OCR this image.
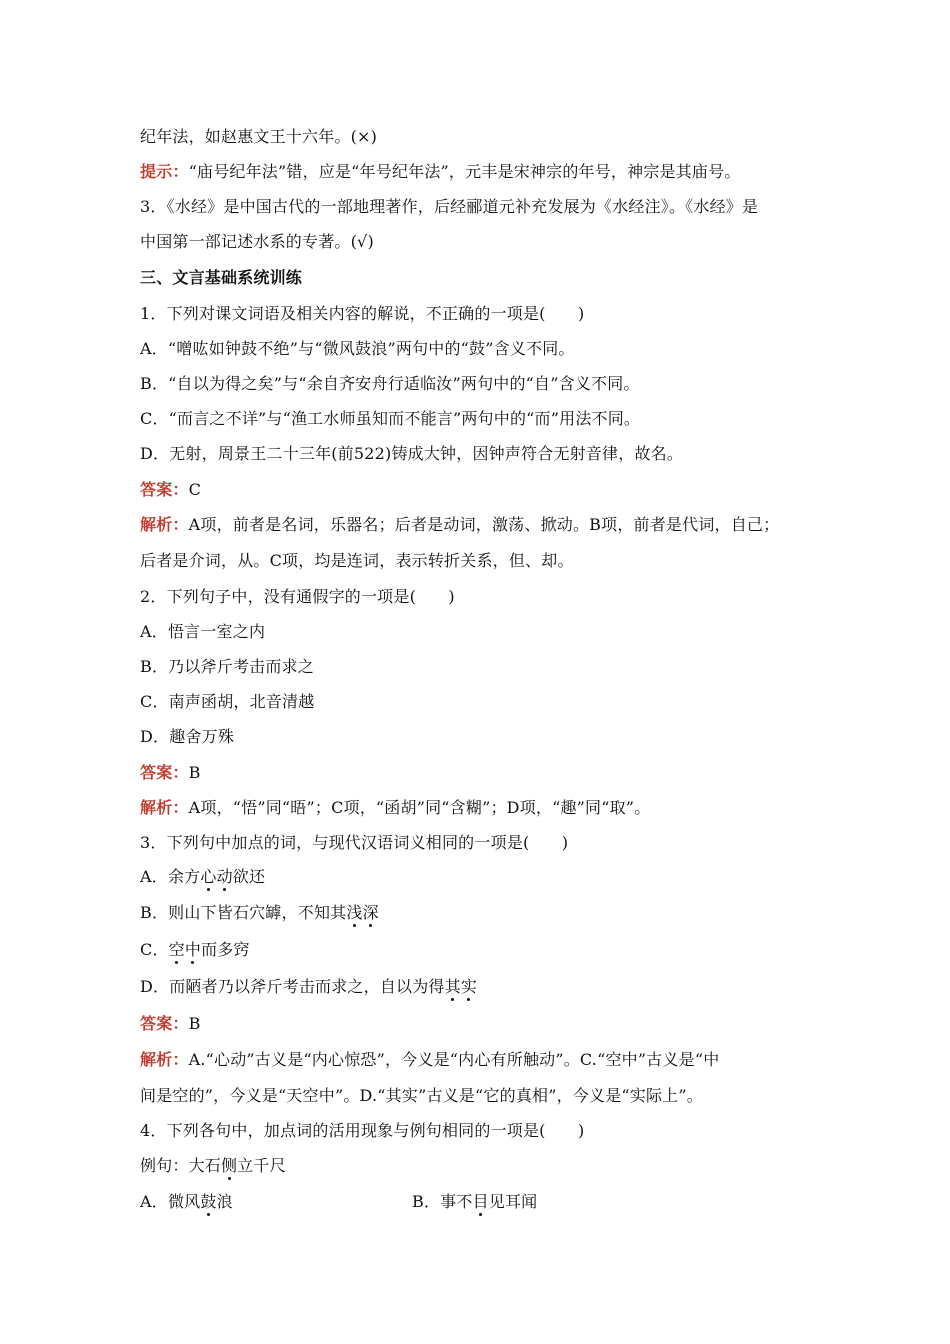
纪年法，如赵惠文王十六年。(×)
提示：“庙号纪年法”错，应是“年号纪年法”，元丰是宋神宗的年号，神宗是其庙号。
3．《水经》是中国古代的一部地理著作，后经郦道元补充发展为《水经注》。《水经》是
中国第一部记述水系的专著。(√)
三、文言基础系统训练
1．下列对课文词语及相关内容的解说，不正确的一项是(　　)
A．“噌吰如钟鼓不绝”与“微风鼓浪”两句中的“鼓”含义不同。
B．“自以为得之矣”与“余自齐安舟行适临汝”两句中的“自”含义不同。
C．“而言之不详”与“渔工水师虽知而不能言”两句中的“而”用法不同。
D．无射，周景王二十三年(前522)铸成大钟，因钟声符合无射音律，故名。
答案：C
解析：A项，前者是名词，乐器名；后者是动词，激荡、掀动。B项，前者是代词，自己；
后者是介词，从。C项，均是连词，表示转折关系，但、却。
2．下列句子中，没有通假字的一项是(　　)
A．悟言一室之内
B．乃以斧斤考击而求之
C．南声函胡，北音清越
D．趣舍万殊
答案：B
解析：A项，“悟”同“晤”；C项，“函胡”同“含糊”；D项，“趣”同“取”。
3．下列句中加点的词，与现代汉语词义相同的一项是(　　)
A．余方心动欲还
B．则山下皆石穴罅，不知其浅深
C．空中而多窍
D．而陋者乃以斧斤考击而求之，自以为得其实
答案：B
解析：A.“心动”古义是“内心惊恐”，今义是“内心有所触动”。C.“空中”古义是“中
间是空的”，今义是“天空中”。D.“其实”古义是“它的真相”，今义是“实际上”。
4．下列各句中，加点词的活用现象与例句相同的一项是(　　)
例句：大石侧立千尺
A．微风鼓浪	B．事不目见耳闻
